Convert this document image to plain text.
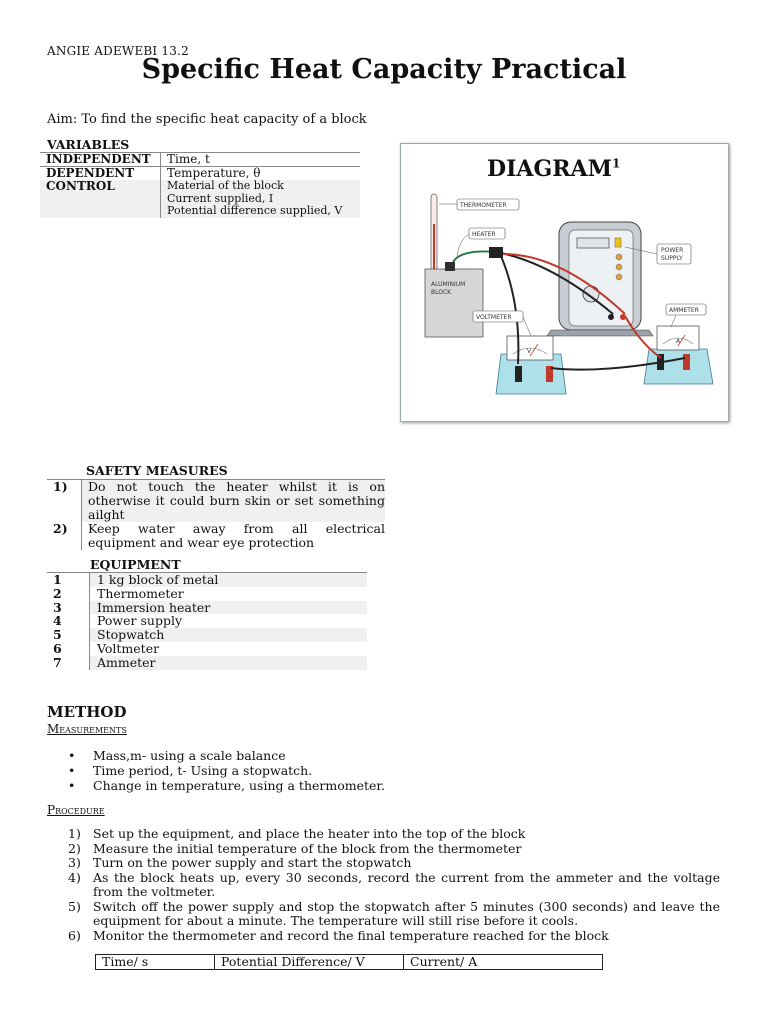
ANGIE ADEWEBI 13.2
Specific Heat Capacity Practical
Aim: To find the specific heat capacity of a block
VARIABLES
INDEPENDENT	Time, t
DEPENDENT	Temperature, θ
CONTROL	Material of the block
Current supplied, I
Potential difference supplied, V
DIAGRAM$^1$
THERMOMETER
HEATER
ALUMINIUM
BLOCK
VOLTMETER
POWER
SUPPLY
AMMETER
V
A
SAFETY MEASURES
1)	Do not touch the heater whilst it is on otherwise it could burn skin or set something ailght
2)	Keep water away from all electrical equipment and wear eye protection
EQUIPMENT
1	1 kg block of metal
2	Thermometer
3	Immersion heater
4	Power supply
5	Stopwatch
6	Voltmeter
7	Ammeter
METHOD
Measurements
• Mass,m- using a scale balance
• Time period, t- Using a stopwatch.
• Change in temperature, using a thermometer.
Procedure
1) Set up the equipment, and place the heater into the top of the block
2) Measure the initial temperature of the block from the thermometer
3) Turn on the power supply and start the stopwatch
4) As the block heats up, every 30 seconds, record the current from the ammeter and the voltage from the voltmeter.
5) Switch off the power supply and stop the stopwatch after 5 minutes (300 seconds) and leave the equipment for about a minute. The temperature will still rise before it cools.
6) Monitor the thermometer and record the final temperature reached for the block
Time/ s	Potential Difference/ V	Current/ A
